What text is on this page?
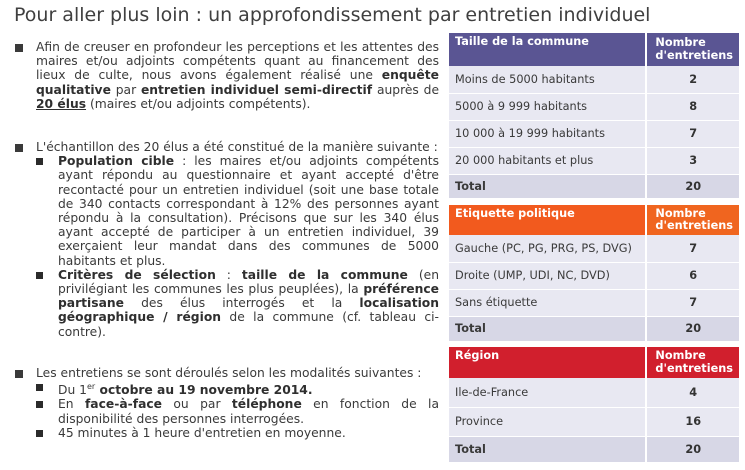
Pour aller plus loin : un approfondissement par entretien individuel
Afin de creuser en profondeur les perceptions et les attentes des maires et/ou adjoints compétents quant au financement des lieux de culte, nous avons également réalisé une enquête qualitative par entretien individuel semi-directif auprès de 20 élus (maires et/ou adjoints compétents).
L'échantillon des 20 élus a été constitué de la manière suivante :
Population cible : les maires et/ou adjoints compétents ayant répondu au questionnaire et ayant accepté d'être recontacté pour un entretien individuel (soit une base totale de 340 contacts correspondant à 12% des personnes ayant répondu à la consultation). Précisons que sur les 340 élus ayant accepté de participer à un entretien individuel, 39 exerçaient leur mandat dans des communes de 5000 habitants et plus.
Critères de sélection : taille de la commune (en privilégiant les communes les plus peuplées), la préférence partisane des élus interrogés et la localisation géographique / région de la commune (cf. tableau ci-contre).
Les entretiens se sont déroulés selon les modalités suivantes :
Du 1er octobre au 19 novembre 2014.
En face-à-face ou par téléphone en fonction de la disponibilité des personnes interrogées.
45 minutes à 1 heure d'entretien en moyenne.
Taille de la commune	Nombre d'entretiens
Moins de 5000 habitants	2
5000 à 9 999 habitants	8
10 000 à 19 999 habitants	7
20 000 habitants et plus	3
Total	20
Etiquette politique	Nombre d'entretiens
Gauche (PC, PG, PRG, PS, DVG)	7
Droite (UMP, UDI, NC, DVD)	6
Sans étiquette	7
Total	20
Région	Nombre d'entretiens
Ile-de-France	4
Province	16
Total	20
